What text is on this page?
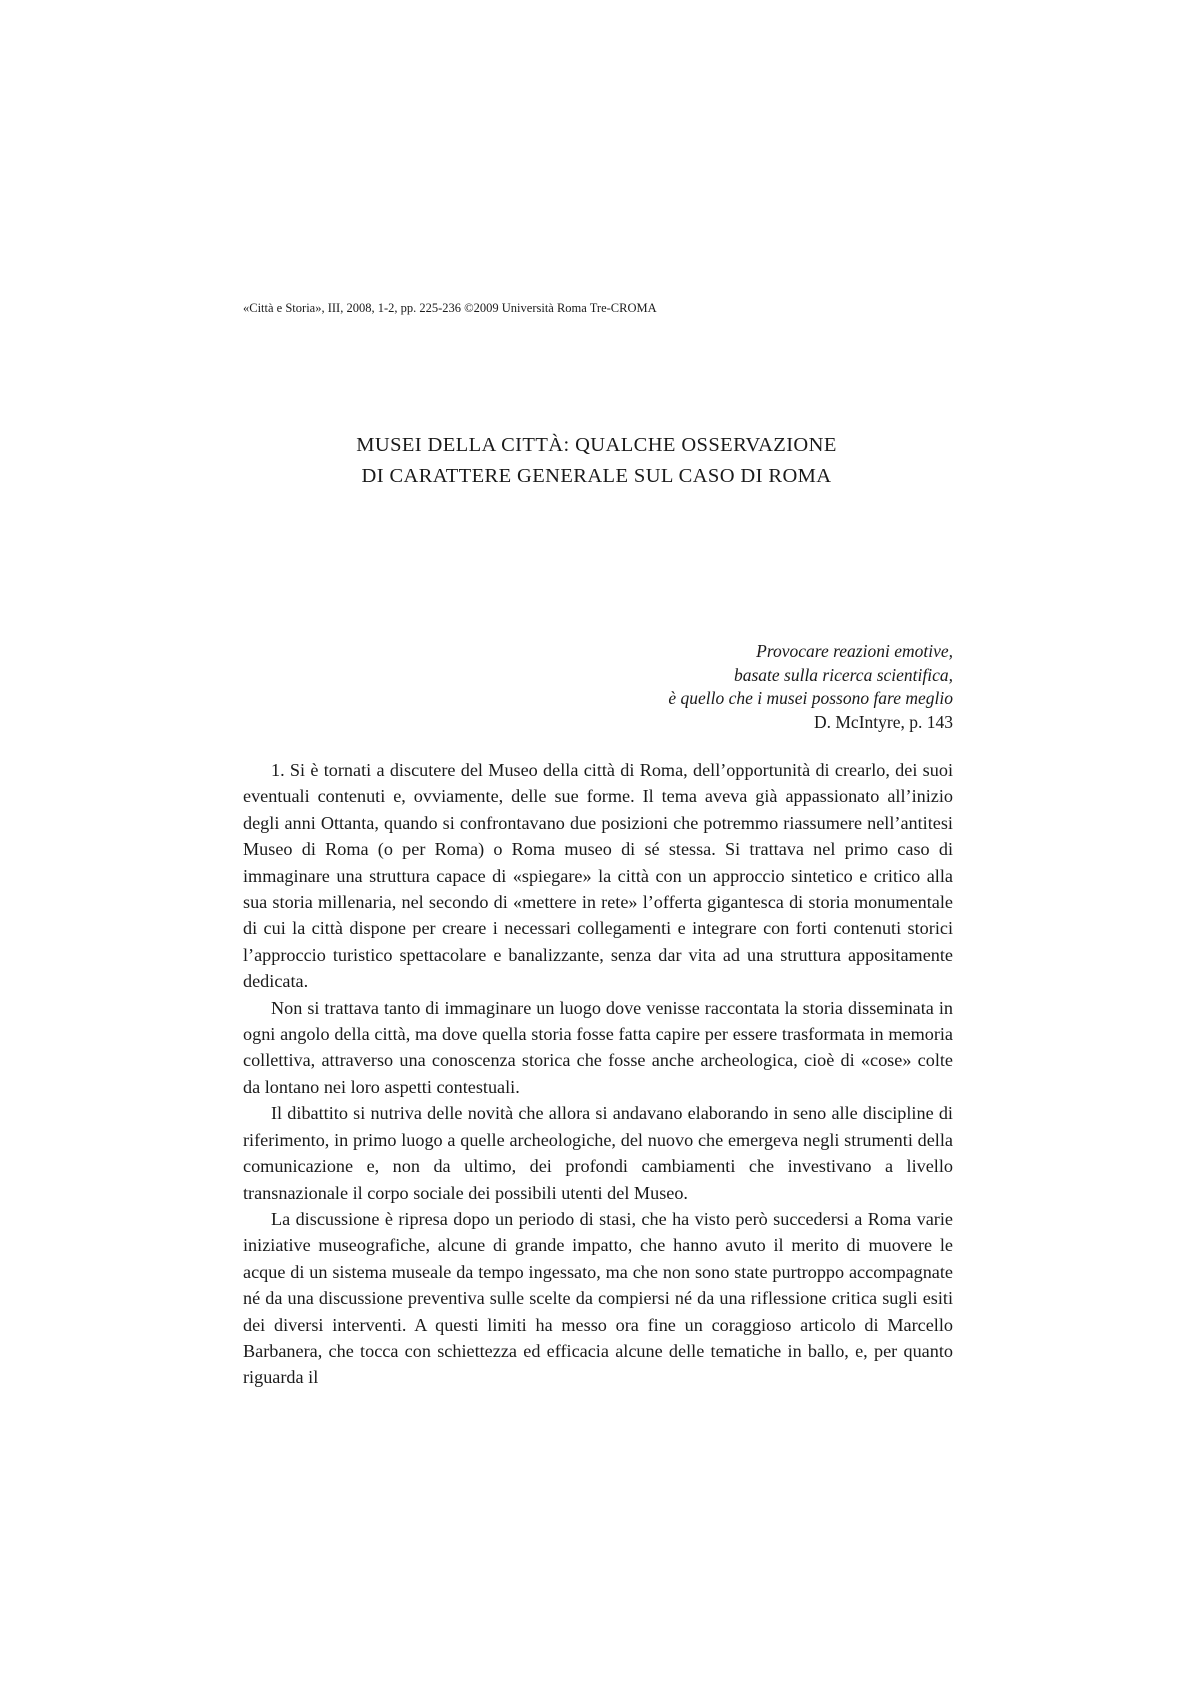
«Città e Storia», III, 2008, 1-2, pp. 225-236 ©2009 Università Roma Tre-CROMA
MUSEI DELLA CITTÀ: QUALCHE OSSERVAZIONE
DI CARATTERE GENERALE SUL CASO DI ROMA
Provocare reazioni emotive,
basate sulla ricerca scientifica,
è quello che i musei possono fare meglio
D. McIntyre, p. 143

1. Si è tornati a discutere del Museo della città di Roma, dell’opportunità di crearlo, dei suoi eventuali contenuti e, ovviamente, delle sue forme. Il tema aveva già appassionato all’inizio degli anni Ottanta, quando si confrontavano due posizioni che potremmo riassumere nell’antitesi Museo di Roma (o per Roma) o Roma museo di sé stessa. Si trattava nel primo caso di immaginare una struttura capace di «spiegare» la città con un approccio sintetico e critico alla sua storia millenaria, nel secondo di «mettere in rete» l’offerta gigantesca di storia monumentale di cui la città dispone per creare i necessari collegamenti e integrare con forti contenuti storici l’approccio turistico spettacolare e banalizzante, senza dar vita ad una struttura appositamente dedicata.

Non si trattava tanto di immaginare un luogo dove venisse raccontata la storia disseminata in ogni angolo della città, ma dove quella storia fosse fatta capire per essere trasformata in memoria collettiva, attraverso una conoscenza storica che fosse anche archeologica, cioè di «cose» colte da lontano nei loro aspetti contestuali.

Il dibattito si nutriva delle novità che allora si andavano elaborando in seno alle discipline di riferimento, in primo luogo a quelle archeologiche, del nuovo che emergeva negli strumenti della comunicazione e, non da ultimo, dei profondi cambiamenti che investivano a livello transnazionale il corpo sociale dei possibili utenti del Museo.

La discussione è ripresa dopo un periodo di stasi, che ha visto però succedersi a Roma varie iniziative museografiche, alcune di grande impatto, che hanno avuto il merito di muovere le acque di un sistema museale da tempo ingessato, ma che non sono state purtroppo accompagnate né da una discussione preventiva sulle scelte da compiersi né da una riflessione critica sugli esiti dei diversi interventi. A questi limiti ha messo ora fine un coraggioso articolo di Marcello Barbanera, che tocca con schiettezza ed efficacia alcune delle tematiche in ballo, e, per quanto riguarda il
